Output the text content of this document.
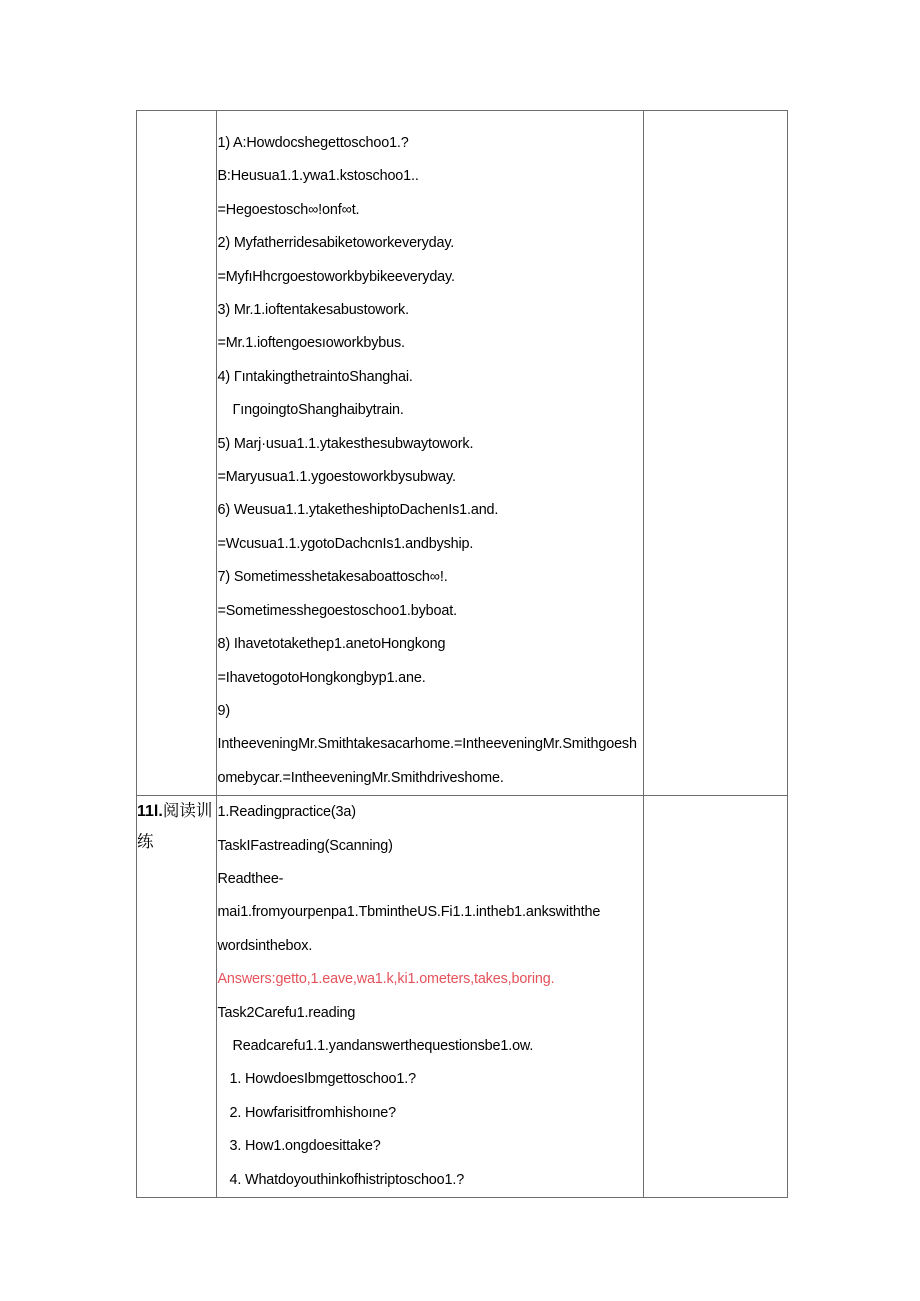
1) A:Howdocshegettoschoo1.?
B:Heusua1.1.ywa1.kstoschoo1..
=Hegoestosch∞!onf∞t.
2) Myfatherridesabiketoworkeveryday.
=MyfıHhcrgoestoworkbybikeeveryday.
3) Mr.1.ioftentakesabustowork.
=Mr.1.ioftengoesıoworkbybus.
4) ΓıntakingthetraintoShanghai.
ΓıngoingtoShanghaibytrain.
5) Marj·usua1.1.ytakesthesubwaytowork.
=Maryusua1.1.ygoestoworkbysubway.
6) Weusua1.1.ytaketheshiptoDachenIs1.and.
=Wcusua1.1.ygotoDachcnIs1.andbyship.
7) Sometimesshetakesaboattosch∞!.
=Sometimesshegoestoschoo1.byboat.
8) Ihavetotakethep1.anetoHongkong
=IhavetogotoHongkongbyp1.ane.
9) IntheeveningMr.Smithtakesacarhome.=IntheeveningMr.Smithgoeshomebycar.=IntheeveningMr.Smithdriveshome.

11l.阅读训练

1.Readingpractice(3a)
TaskIFastreading(Scanning)
Readthee-
mai1.fromyourpenpa1.TbmintheUS.Fi1.1.intheb1.ankswiththe
wordsinthebox.
Answers:getto,1.eave,wa1.k,ki1.ometers,takes,boring.
Task2Carefu1.reading
Readcarefu1.1.yandanswerthequestionsbe1.ow.
1. HowdoesIbmgettoschoo1.?
2. Howfarisitfromhishoıne?
3. How1.ongdoesittake?
4. Whatdoyouthinkofhistriptoschoo1.?
